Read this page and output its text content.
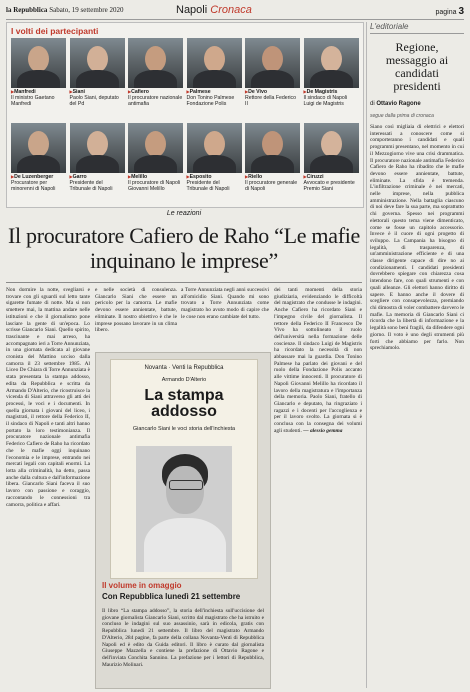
la Repubblica Sabato, 19 settembre 2020	Napoli Cronaca	pagina 3
I volti dei partecipanti
▶ Manfredi
Il ministro Gaetano Manfredi
▶ Siani
Paolo Siani, deputato del Pd
▶ Cafiero
Il procuratore nazionale antimafia
▶ Palmese
Don Tonino Palmese Fondazione Polis
▶ De Vivo
Rettore della Federico II
▶ De Magistris
Il sindaco di Napoli Luigi de Magistris
▶ De Luzenberger
Procuratore per minorenni di Napoli
▶ Garro
Presidente del Tribunale di Napoli
▶ Melillo
Il procuratore di Napoli Giovanni Melillo
▶ Esposito
Presidente del Tribunale di Napoli
▶ Riello
Il procuratore generale di Napoli
▶ Ciruzzi
Avvocato e presidente Premio Siani
L'editoriale
Regione, messaggio ai candidati presidenti
di Ottavio Ragone
segue dalla prima di cronaca
Siano così migliaia di elettrici e elettori interessati a conoscere come si comporteranno i candidati e quali programmi presentano, nel momento in cui il Mezzogiorno vive una crisi drammatica. Il procuratore nazionale antimafia Federico Cafiero de Raho ha ribadito che le mafie devono essere annientate, battute, eliminate. La sfida è tremenda. L'infiltrazione criminale è nei mercati, nelle imprese, nella pubblica amministrazione. Nella battaglia ciascuno di noi deve fare la sua parte, ma soprattutto chi governa. Spesso nei programmi elettorali questo tema viene dimenticato, come se fosse un capitolo accessorio. Invece è il cuore di ogni progetto di sviluppo. La Campania ha bisogno di legalità, di trasparenza, di un'amministrazione efficiente e di una classe dirigente capace di dire no ai condizionamenti. I candidati presidenti dovrebbero spiegare con chiarezza cosa intendono fare, con quali strumenti e con quali alleanze. Gli elettori hanno diritto di sapere. E hanno anche il dovere di scegliere con consapevolezza, premiando chi dimostra di voler combattere davvero le mafie. La memoria di Giancarlo Siani ci ricorda che la libertà di informazione e la legalità sono beni fragili, da difendere ogni giorno. Il voto è uno degli strumenti più forti che abbiamo per farlo. Non sprechiamolo.
Le reazioni
Il procuratore Cafiero de Raho “Le mafie inquinano le imprese”
Non dormire la notte, svegliarsi e trovare con gli sguardi sul letto tante sigarette fumate di notte. Ma si non smettere mai, la mattina andare nelle istituzioni e che il giornalismo pone lasciare la gente di un'epoca. Lo scrisse Giancarlo Siani. Quello spirito, trascinante e mai arreso, ha accompagnato ieri a Torre Annunziata, in una giornata dedicata al giovane cronista del Mattino ucciso dalla camorra il 23 settembre 1985. Al Liceo De Chiara di Torre Annunziata è stata presentata la stampa addosso, edita da Repubblica e scritta da Armando D'Alterio, che ricostruisce la vicenda di Siani attraverso gli atti dei processi, le voci e i documenti. In quella giornata i giovani del liceo, i magistrati, il rettore della Federico II, il sindaco di Napoli e tanti altri hanno portato la loro testimonianza. Il procuratore nazionale antimafia Federico Cafiero de Raho ha ricordato che le mafie oggi inquinano l'economia e le imprese, entrando nei mercati legali con capitali enormi. La lotta alla criminalità, ha detto, passa anche dalla cultura e dall'informazione libera. Giancarlo Siani faceva il suo lavoro con passione e coraggio, raccontando le connessioni tra camorra, politica e affari.
e nelle società di consulenza. Giancarlo Siani che essere un pericolo per la camorra. Le mafie devono essere annientate, battute, eliminate. Il nostro obiettivo è che le imprese possano lavorare in un clima libero.
a Torre Annunziata negli anni successivi all'omicidio Siani. Quando mi sono trovato a Torre Annunziata come magistrato ho avuto modo di capire che le cose non erano cambiate del tutto.
dei tanti momenti della storia giudiziaria, evidenziando le difficoltà del magistrato che condusse le indagini. Anche Cafiero ha ricordato Siani e l'impegno civile del giornalista. Il rettore della Federico II Francesco De Vivo ha sottolineato il ruolo dell'università nella formazione delle coscienze. Il sindaco Luigi de Magistris ha ricordato la necessità di non abbassare mai la guardia. Don Tonino Palmese ha parlato dei giovani e del ruolo della Fondazione Polis accanto alle vittime innocenti. Il procuratore di Napoli Giovanni Melillo ha ricordato il lavoro della magistratura e l'importanza della memoria. Paolo Siani, fratello di Giancarlo e deputato, ha ringraziato i ragazzi e i docenti per l'accoglienza e per il lavoro svolto. La giornata si è conclusa con la consegna dei volumi agli studenti. — alessio gemma
Novanta · Venti la Repubblica
Armando D'Alterio
La stampa addosso
Giancarlo Siani le voci storia dell'inchiesta
Il volume in omaggio
Con Repubblica lunedì 21 settembre
Il libro “La stampa addosso”, la storia dell'inchiesta sull'uccisione del giovane giornalista Giancarlo Siani, scritto dal magistrato che ha istruito e concluso le indagini sul suo assassinio, sarà in edicola, gratis con Repubblica lunedì 21 settembre. Il libro del magistrato Armando D'Alterio, 284 pagine, fa parte della collana Novanta-Venti di Repubblica Napoli ed è edito da Guida editori. Il libro è curato dal giornalista Giuseppe Mazzella e contiene la prefazione di Ottavio Ragone e dell'inviata Conchita Sannino. La prefazione per i lettori di Repubblica, Maurizio Molinari.
